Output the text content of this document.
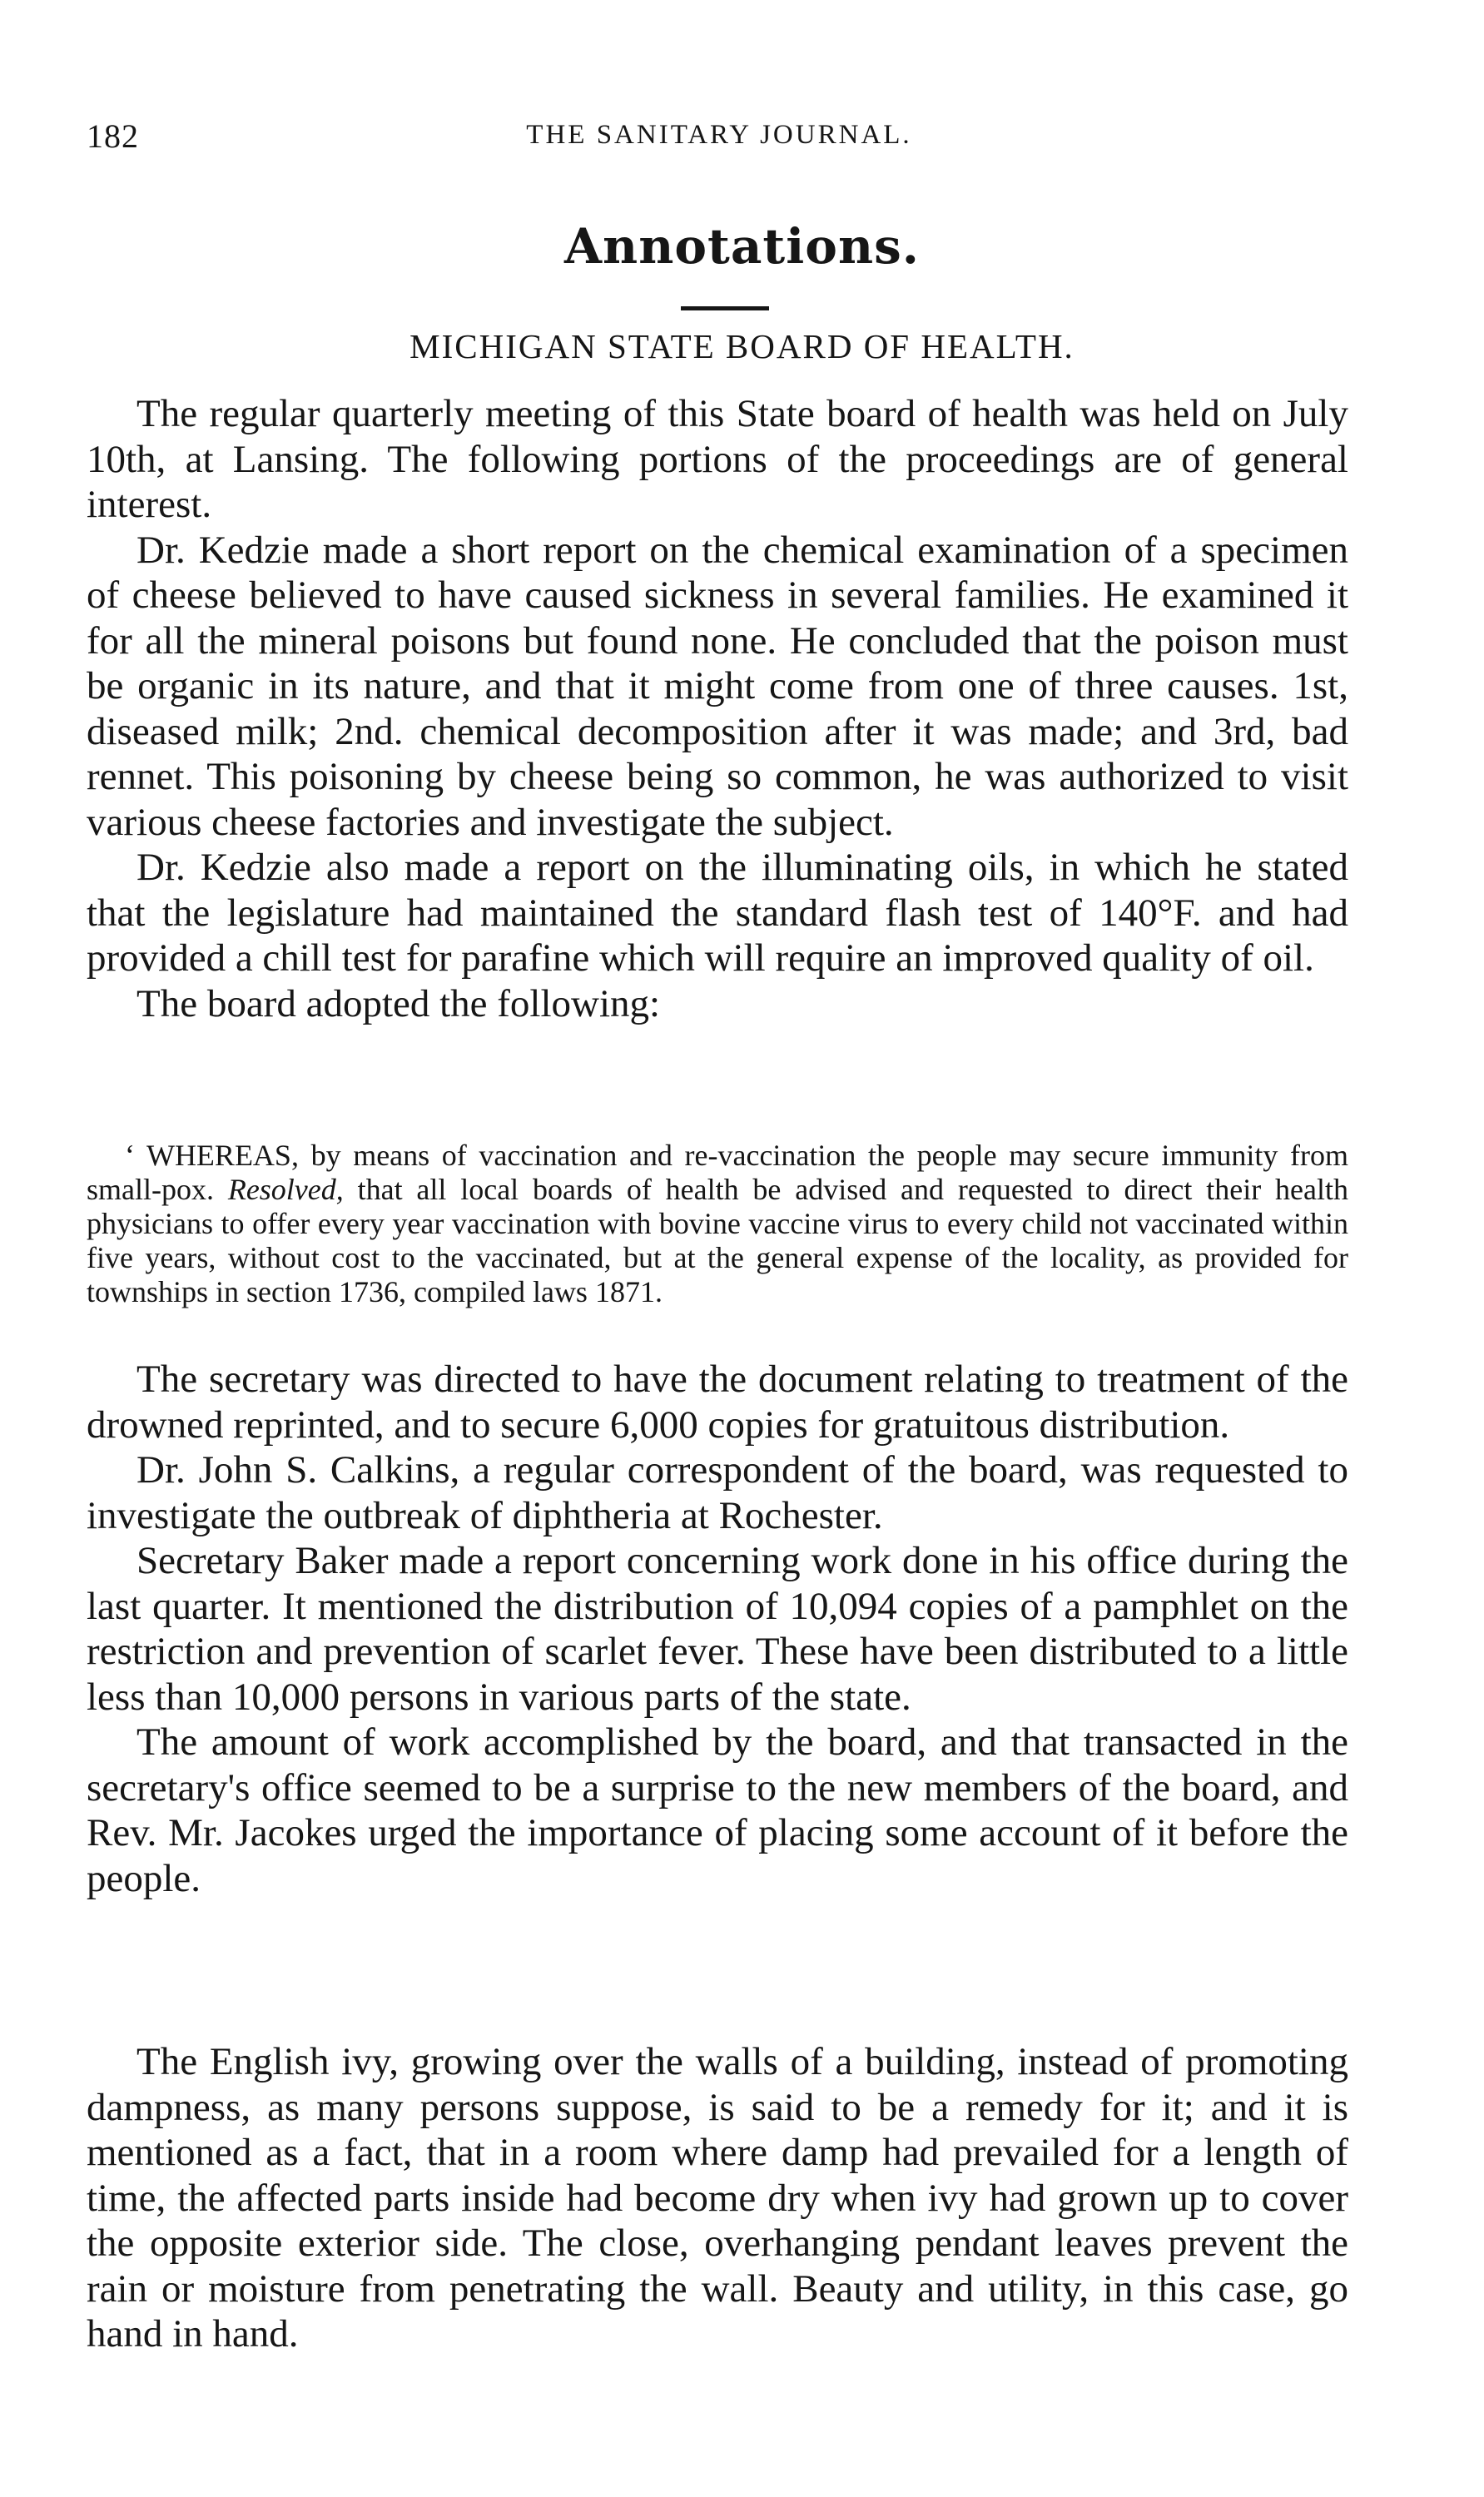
182	THE SANITARY JOURNAL.
Annotations.
MICHIGAN STATE BOARD OF HEALTH.

The regular quarterly meeting of this State board of health was held on July 10th, at Lansing. The following portions of the proceedings are of general interest.

Dr. Kedzie made a short report on the chemical examination of a specimen of cheese believed to have caused sickness in several families. He examined it for all the mineral poisons but found none. He concluded that the poison must be organic in its nature, and that it might come from one of three causes. 1st, diseased milk; 2nd. chemical decomposition after it was made; and 3rd, bad rennet. This poisoning by cheese being so common, he was authorized to visit various cheese factories and investigate the subject.

Dr. Kedzie also made a report on the illuminating oils, in which he stated that the legislature had maintained the standard flash test of 140°F. and had provided a chill test for parafine which will require an improved quality of oil.

The board adopted the following:

‘ WHEREAS, by means of vaccination and re-vaccination the people may secure immunity from small-pox. Resolved, that all local boards of health be advised and requested to direct their health physicians to offer every year vaccination with bovine vaccine virus to every child not vaccinated within five years, without cost to the vaccinated, but at the general expense of the locality, as provided for townships in section 1736, compiled laws 1871.

The secretary was directed to have the document relating to treatment of the drowned reprinted, and to secure 6,000 copies for gratuitous distribution.

Dr. John S. Calkins, a regular correspondent of the board, was requested to investigate the outbreak of diphtheria at Rochester.

Secretary Baker made a report concerning work done in his office during the last quarter. It mentioned the distribution of 10,094 copies of a pamphlet on the restriction and prevention of scarlet fever. These have been distributed to a little less than 10,000 persons in various parts of the state.

The amount of work accomplished by the board, and that transacted in the secretary's office seemed to be a surprise to the new members of the board, and Rev. Mr. Jacokes urged the importance of placing some account of it before the people.

The English ivy, growing over the walls of a building, instead of promoting dampness, as many persons suppose, is said to be a remedy for it; and it is mentioned as a fact, that in a room where damp had prevailed for a length of time, the affected parts inside had become dry when ivy had grown up to cover the opposite exterior side. The close, overhanging pendant leaves prevent the rain or moisture from penetrating the wall. Beauty and utility, in this case, go hand in hand.
